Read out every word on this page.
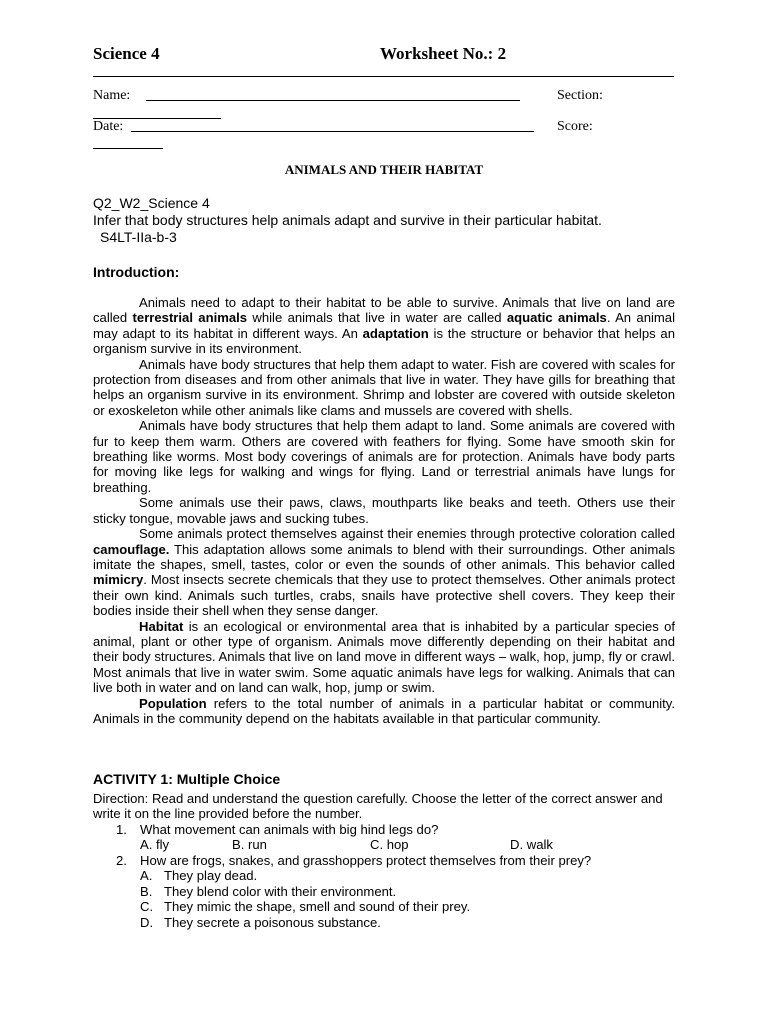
Science 4	Worksheet No.: 2
Name:	Section:
Date:	Score:
ANIMALS AND THEIR HABITAT
Q2_W2_Science 4
Infer that body structures help animals adapt and survive in their particular habitat.
S4LT-IIa-b-3
Introduction:

Animals need to adapt to their habitat to be able to survive. Animals that live on land are called terrestrial animals while animals that live in water are called aquatic animals. An animal may adapt to its habitat in different ways. An adaptation is the structure or behavior that helps an organism survive in its environment.

Animals have body structures that help them adapt to water. Fish are covered with scales for protection from diseases and from other animals that live in water. They have gills for breathing that helps an organism survive in its environment. Shrimp and lobster are covered with outside skeleton or exoskeleton while other animals like clams and mussels are covered with shells.

Animals have body structures that help them adapt to land. Some animals are covered with fur to keep them warm. Others are covered with feathers for flying. Some have smooth skin for breathing like worms. Most body coverings of animals are for protection. Animals have body parts for moving like legs for walking and wings for flying. Land or terrestrial animals have lungs for breathing.

Some animals use their paws, claws, mouthparts like beaks and teeth. Others use their sticky tongue, movable jaws and sucking tubes.

Some animals protect themselves against their enemies through protective coloration called camouflage. This adaptation allows some animals to blend with their surroundings. Other animals imitate the shapes, smell, tastes, color or even the sounds of other animals. This behavior called mimicry. Most insects secrete chemicals that they use to protect themselves. Other animals protect their own kind. Animals such turtles, crabs, snails have protective shell covers. They keep their bodies inside their shell when they sense danger.

Habitat is an ecological or environmental area that is inhabited by a particular species of animal, plant or other type of organism. Animals move differently depending on their habitat and their body structures. Animals that live on land move in different ways – walk, hop, jump, fly or crawl. Most animals that live in water swim. Some aquatic animals have legs for walking. Animals that can live both in water and on land can walk, hop, jump or swim.

Population refers to the total number of animals in a particular habitat or community. Animals in the community depend on the habitats available in that particular community.

ACTIVITY 1: Multiple Choice
Direction: Read and understand the question carefully. Choose the letter of the correct answer and write it on the line provided before the number.
1. What movement can animals with big hind legs do?
A. fly	B. run	C. hop	D. walk
2. How are frogs, snakes, and grasshoppers protect themselves from their prey?
A. They play dead.
B. They blend color with their environment.
C. They mimic the shape, smell and sound of their prey.
D. They secrete a poisonous substance.
